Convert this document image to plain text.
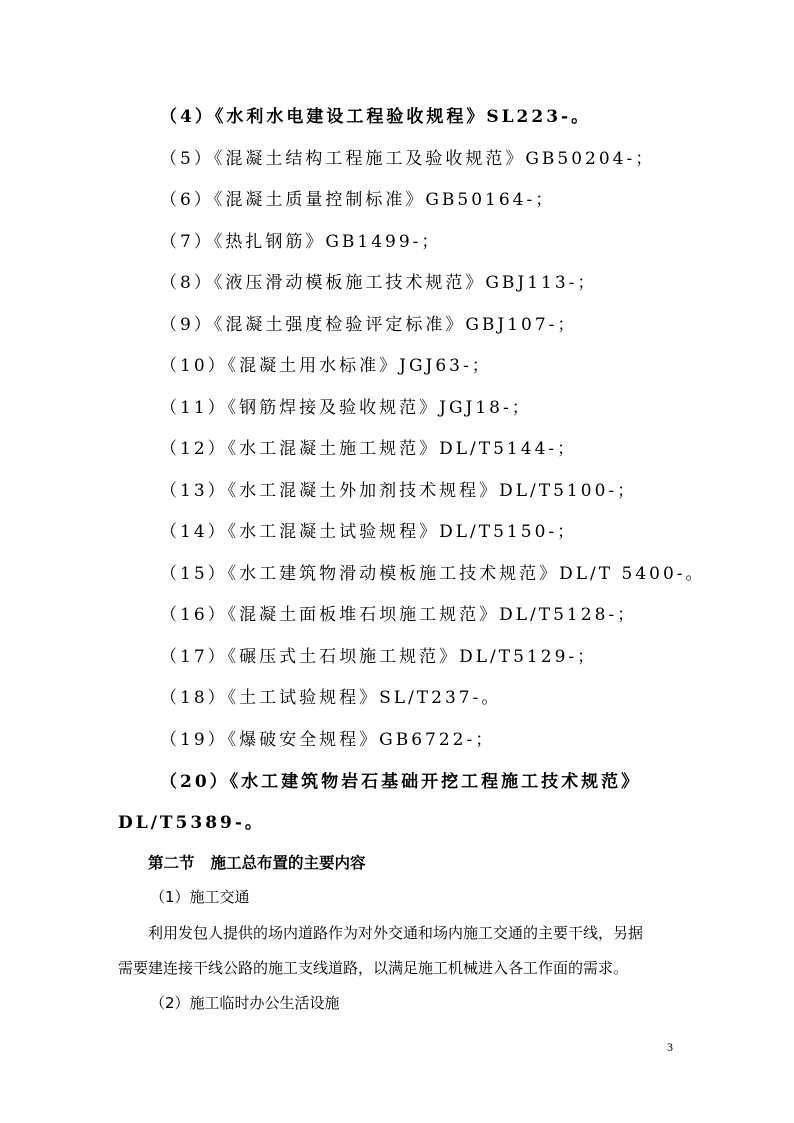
（4）《水利水电建设工程验收规程》SL223-。
（5）《混凝土结构工程施工及验收规范》GB50204-；
（6）《混凝土质量控制标准》GB50164-；
（7）《热扎钢筋》GB1499-；
（8）《液压滑动模板施工技术规范》GBJ113-；
（9）《混凝土强度检验评定标准》GBJ107-；
（10）《混凝土用水标准》JGJ63-；
（11）《钢筋焊接及验收规范》JGJ18-；
（12）《水工混凝土施工规范》DL/T5144-；
（13）《水工混凝土外加剂技术规程》DL/T5100-；
（14）《水工混凝土试验规程》DL/T5150-；
（15）《水工建筑物滑动模板施工技术规范》DL/T 5400-。
（16）《混凝土面板堆石坝施工规范》DL/T5128-；
（17）《碾压式土石坝施工规范》DL/T5129-；
（18）《土工试验规程》SL/T237-。
（19）《爆破安全规程》GB6722-；
（20）《水工建筑物岩石基础开挖工程施工技术规范》
DL/T5389-。
第二节 施工总布置的主要内容
（1）施工交通
利用发包人提供的场内道路作为对外交通和场内施工交通的主要干线，另据
需要建连接干线公路的施工支线道路，以满足施工机械进入各工作面的需求。
（2）施工临时办公生活设施
3
